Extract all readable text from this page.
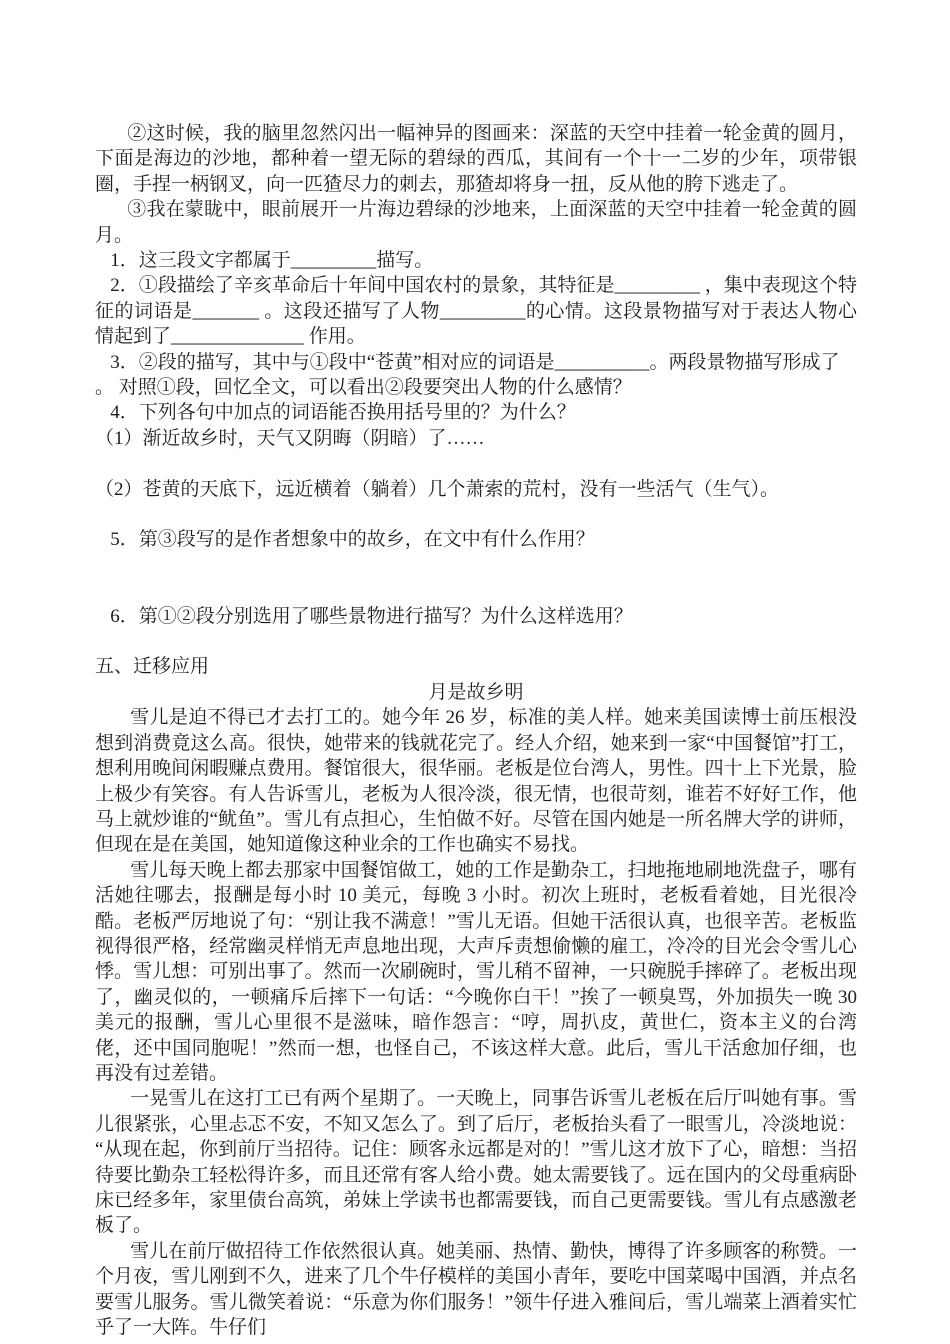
②这时候，我的脑里忽然闪出一幅神异的图画来：深蓝的天空中挂着一轮金黄的圆月，下面是海边的沙地，都种着一望无际的碧绿的西瓜，其间有一个十一二岁的少年，项带银圈，手捏一柄钢叉，向一匹猹尽力的刺去，那猹却将身一扭，反从他的胯下逃走了。
③我在蒙眬中，眼前展开一片海边碧绿的沙地来，上面深蓝的天空中挂着一轮金黄的圆月。
1．这三段文字都属于_________描写。
2．①段描绘了辛亥革命后十年间中国农村的景象，其特征是_________ ，集中表现这个特征的词语是_______ 。这段还描写了人物_________的心情。这段景物描写对于表达人物心情起到了______________ 作用。
3．②段的描写，其中与①段中“苍黄”相对应的词语是__________。两段景物描写形成了
。 对照①段，回忆全文，可以看出②段要突出人物的什么感情？
4．下列各句中加点的词语能否换用括号里的？为什么？
（1）渐近故乡时，天气又阴晦（阴暗）了……
（2）苍黄的天底下，远近横着（躺着）几个萧索的荒村，没有一些活气（生气）。
5．第③段写的是作者想象中的故乡，在文中有什么作用？
6．第①②段分别选用了哪些景物进行描写？为什么这样选用？
五、迁移应用
月是故乡明
雪儿是迫不得已才去打工的。她今年 26 岁，标准的美人样。她来美国读博士前压根没想到消费竟这么高。很快，她带来的钱就花完了。经人介绍，她来到一家“中国餐馆”打工，想利用晚间闲暇赚点费用。餐馆很大，很华丽。老板是位台湾人，男性。四十上下光景，脸上极少有笑容。有人告诉雪儿，老板为人很冷淡，很无情，也很苛刻，谁若不好好工作，他马上就炒谁的“鱿鱼”。雪儿有点担心，生怕做不好。尽管在国内她是一所名牌大学的讲师，但现在是在美国，她知道像这种业余的工作也确实不易找。
雪儿每天晚上都去那家中国餐馆做工，她的工作是勤杂工，扫地拖地刷地洗盘子，哪有活她往哪去，报酬是每小时 10 美元，每晚 3 小时。初次上班时，老板看着她，目光很冷酷。老板严厉地说了句：“别让我不满意！”雪儿无语。但她干活很认真，也很辛苦。老板监视得很严格，经常幽灵样悄无声息地出现，大声斥责想偷懒的雇工，冷冷的目光会令雪儿心悸。雪儿想：可别出事了。然而一次刷碗时，雪儿稍不留神，一只碗脱手摔碎了。老板出现了，幽灵似的，一顿痛斥后摔下一句话：“今晚你白干！”挨了一顿臭骂，外加损失一晚 30 美元的报酬，雪儿心里很不是滋味，暗作怨言：“哼，周扒皮，黄世仁，资本主义的台湾佬，还中国同胞呢！”然而一想，也怪自己，不该这样大意。此后，雪儿干活愈加仔细，也再没有过差错。
一晃雪儿在这打工已有两个星期了。一天晚上，同事告诉雪儿老板在后厅叫她有事。雪儿很紧张，心里忐忑不安，不知又怎么了。到了后厅，老板抬头看了一眼雪儿，冷淡地说：“从现在起，你到前厅当招待。记住：顾客永远都是对的！”雪儿这才放下了心，暗想：当招待要比勤杂工轻松得许多，而且还常有客人给小费。她太需要钱了。远在国内的父母重病卧床已经多年，家里债台高筑，弟妹上学读书也都需要钱，而自己更需要钱。雪儿有点感激老板了。
雪儿在前厅做招待工作依然很认真。她美丽、热情、勤快，博得了许多顾客的称赞。一个月夜，雪儿刚到不久，进来了几个牛仔模样的美国小青年，要吃中国菜喝中国酒，并点名要雪儿服务。雪儿微笑着说：“乐意为你们服务！”领牛仔进入雅间后，雪儿端菜上酒着实忙乎了一大阵。牛仔们
